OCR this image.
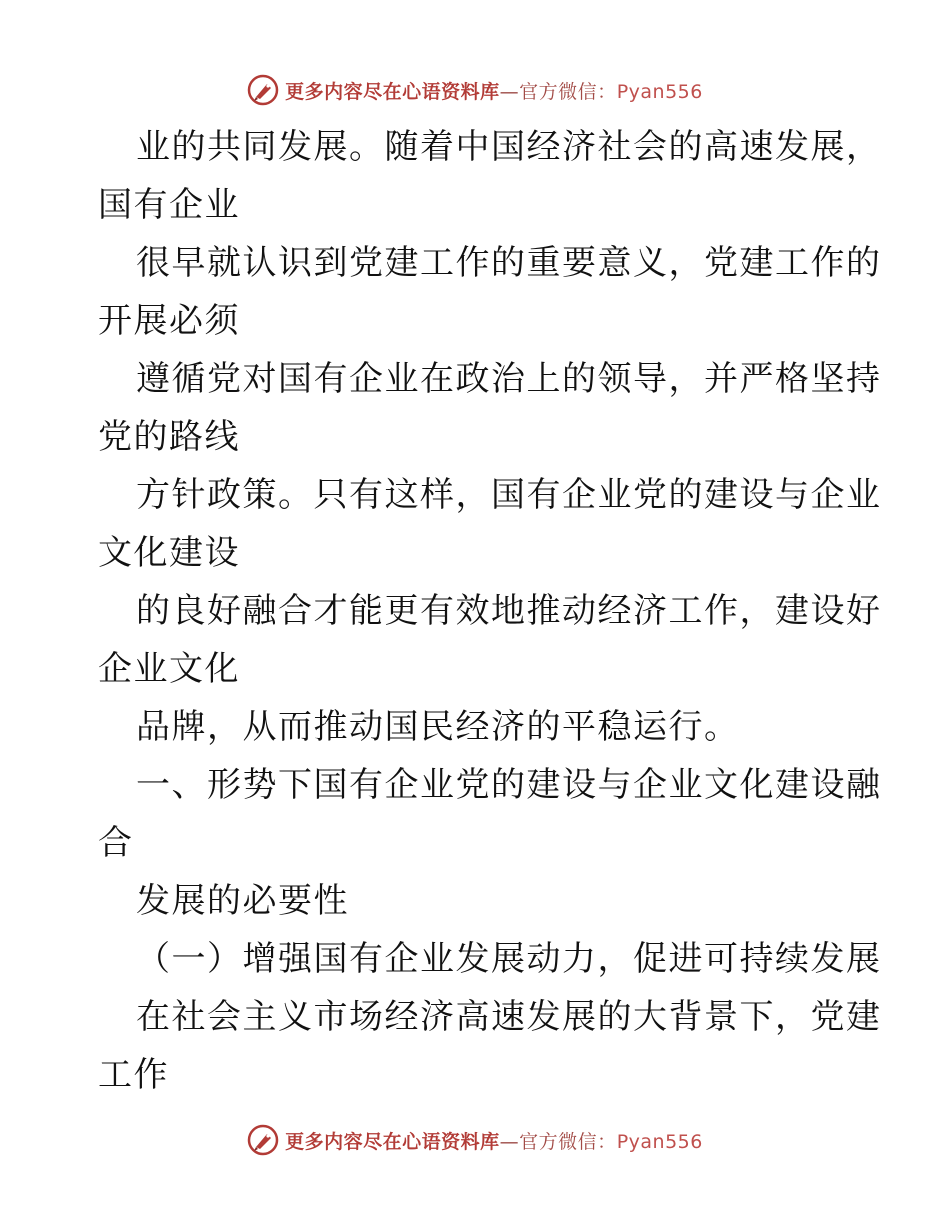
更多内容尽在心语资料库—官方微信：Pyan556
业的共同发展。随着中国经济社会的高速发展，
国有企业
很早就认识到党建工作的重要意义，党建工作的
开展必须
遵循党对国有企业在政治上的领导，并严格坚持
党的路线
方针政策。只有这样，国有企业党的建设与企业
文化建设
的良好融合才能更有效地推动经济工作，建设好
企业文化
品牌，从而推动国民经济的平稳运行。
一、形势下国有企业党的建设与企业文化建设融
合
发展的必要性
（一）增强国有企业发展动力，促进可持续发展
在社会主义市场经济高速发展的大背景下，党建
工作
更多内容尽在心语资料库—官方微信：Pyan556
